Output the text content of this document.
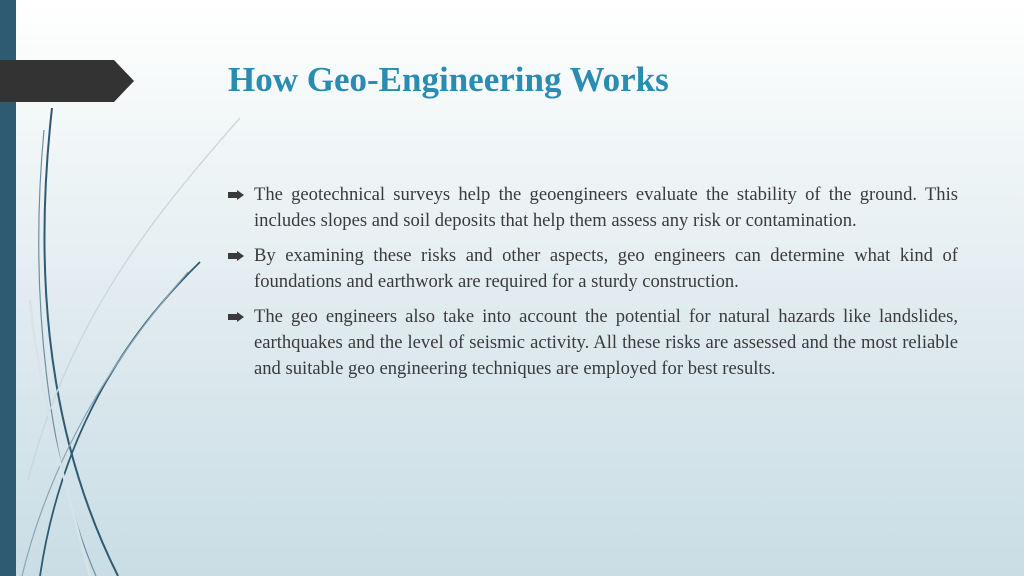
How Geo-Engineering Works
The geotechnical surveys help the geoengineers evaluate the stability of the ground. This includes slopes and soil deposits that help them assess any risk or contamination.
By examining these risks and other aspects, geo engineers can determine what kind of foundations and earthwork are required for a sturdy construction.
The geo engineers also take into account the potential for natural hazards like landslides, earthquakes and the level of seismic activity. All these risks are assessed and the most reliable and suitable geo engineering techniques are employed for best results.
